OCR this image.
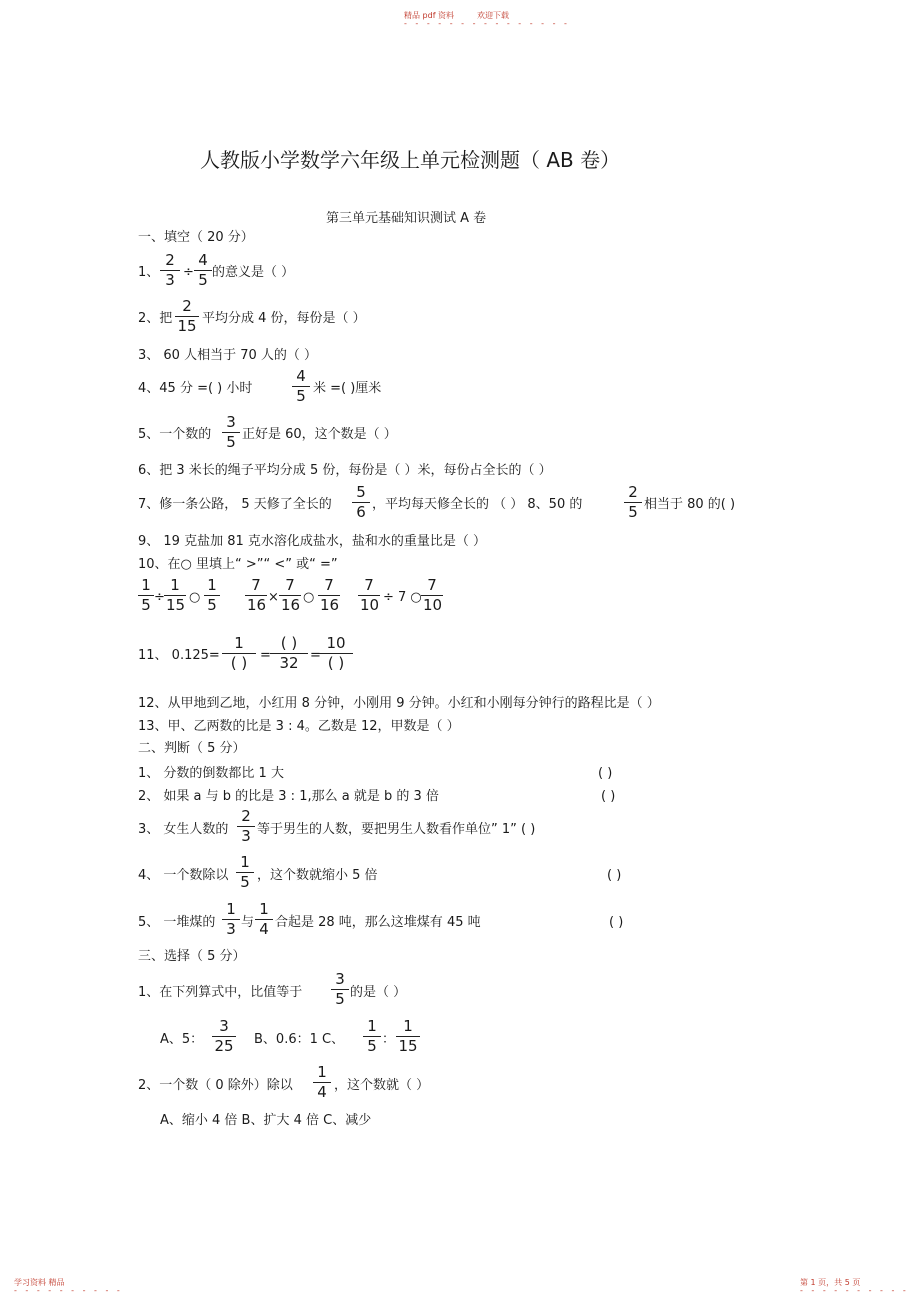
精品 pdf 资料	欢迎下载
- - - - - - - - - - - - - - -
人教版小学数学六年级上单元检测题（ AB 卷）
第三单元基础知识测试 A 卷
一、填空（ 20 分）
1、
2
3 ÷
4
5 的意义是（ ）
2、把
2
15 平均分成 4 份，每份是（ ）
3、 60 人相当于 70 人的（ ）
4、45 分 =( ) 小时
4
5 米 =( )厘米
5、一个数的
3
5 正好是 60，这个数是（ ）
6、把 3 米长的绳子平均分成 5 份，每份是（ ）米，每份占全长的（ ）
7、修一条公路， 5 天修了全长的
5
6 ，平均每天修全长的 （ ） 8、50 的
2
5 相当于 80 的( )
9、 19 克盐加 81 克水溶化成盐水，盐和水的重量比是（ ）
10、在○ 里填上“ >”“ <” 或“ =”
1
5 ÷
1
15 ○
1
5
7
16 ×
7
16 ○
7
16
7
10 ÷ 7 ○
7
10
11、 0.125=
1
( ) =
( )
32 =
10
( )
12、从甲地到乙地，小红用 8 分钟，小刚用 9 分钟。小红和小刚每分钟行的路程比是（ ）
13、甲、乙两数的比是 3 : 4。乙数是 12，甲数是（ ）
二、判断（ 5 分）
1、 分数的倒数都比 1 大	( )
2、 如果 a 与 b 的比是 3 : 1,那么 a 就是 b 的 3 倍	( )
3、 女生人数的
2
3 等于男生的人数，要把男生人数看作单位” 1” ( )
4、 一个数除以
1
5 ，这个数就缩小 5 倍	( )
5、 一堆煤的
1
3 与
1
4 合起是 28 吨，那么这堆煤有 45 吨	( )
三、选择（ 5 分）
1、在下列算式中，比值等于
3
5 的是（ ）
A、5：
3
25 B、0.6：1 C、
1
5 ：
1
15
2、一个数（ 0 除外）除以
1
4 ，这个数就（ ）
A、缩小 4 倍 B、扩大 4 倍 C、减少
学习资料 精品
- - - - - - - - - -
第 1 页，共 5 页
- - - - - - - - - -
